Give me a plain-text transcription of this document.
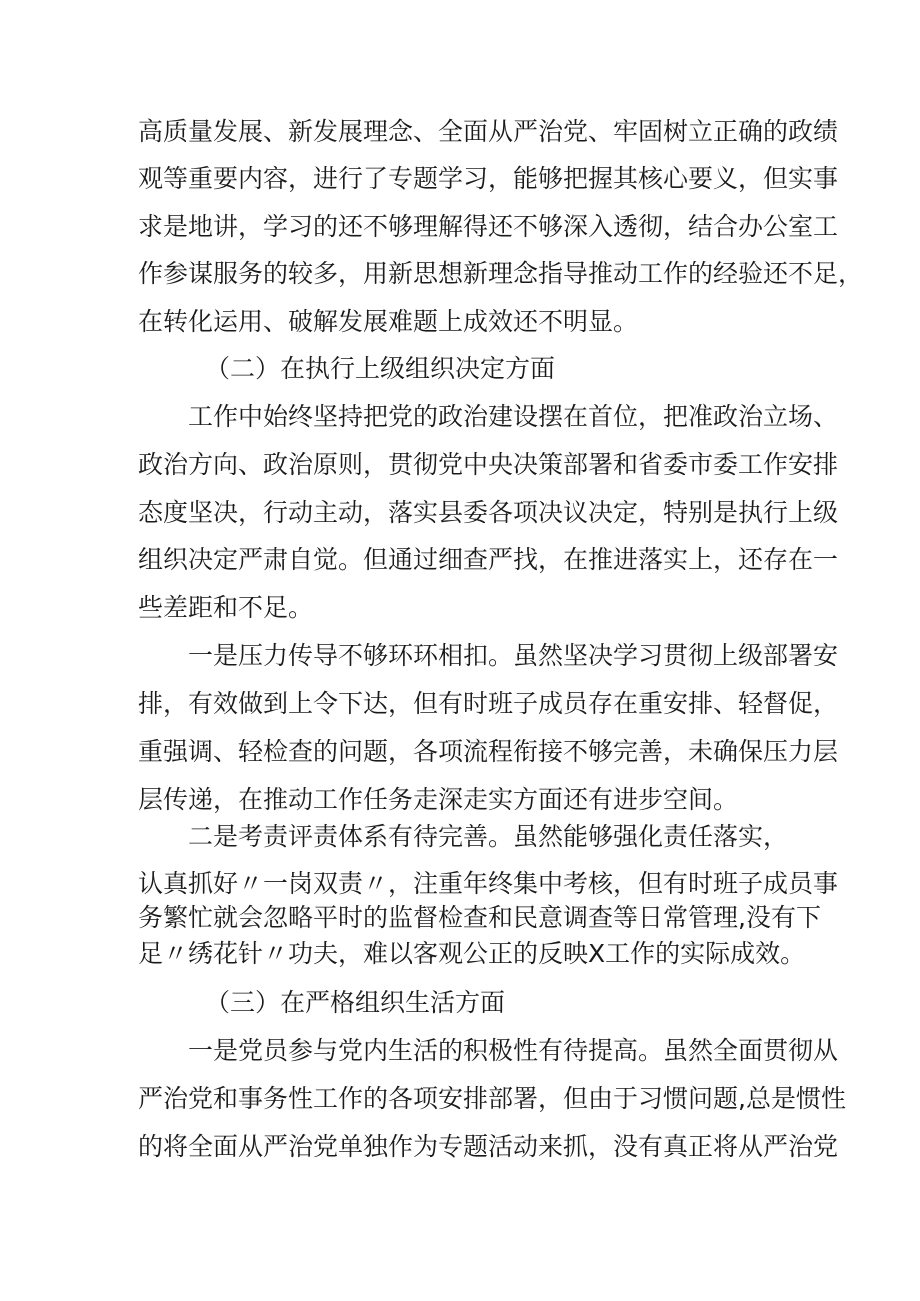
高质量发展、新发展理念、全面从严治党、牢固树立正确的政绩
观等重要内容，进行了专题学习，能够把握其核心要义，但实事
求是地讲，学习的还不够理解得还不够深入透彻，结合办公室工
作参谋服务的较多，用新思想新理念指导推动工作的经验还不足，
在转化运用、破解发展难题上成效还不明显。
（二）在执行上级组织决定方面
工作中始终坚持把党的政治建设摆在首位，把准政治立场、
政治方向、政治原则，贯彻党中央决策部署和省委市委工作安排
态度坚决，行动主动，落实县委各项决议决定，特别是执行上级
组织决定严肃自觉。但通过细查严找，在推进落实上，还存在一
些差距和不足。
一是压力传导不够环环相扣。虽然坚决学习贯彻上级部署安
排，有效做到上令下达，但有时班子成员存在重安排、轻督促，
重强调、轻检查的问题，各项流程衔接不够完善，未确保压力层
层传递，在推动工作任务走深走实方面还有进步空间。
二是考责评责体系有待完善。虽然能够强化责任落实，
认真抓好〃一岗双责〃，注重年终集中考核，但有时班子成员事
务繁忙就会忽略平时的监督检查和民意调查等日常管理,没有下
足〃绣花针〃功夫，难以客观公正的反映X工作的实际成效。
（三）在严格组织生活方面
一是党员参与党内生活的积极性有待提高。虽然全面贯彻从
严治党和事务性工作的各项安排部署，但由于习惯问题,总是惯性
的将全面从严治党单独作为专题活动来抓，没有真正将从严治党
